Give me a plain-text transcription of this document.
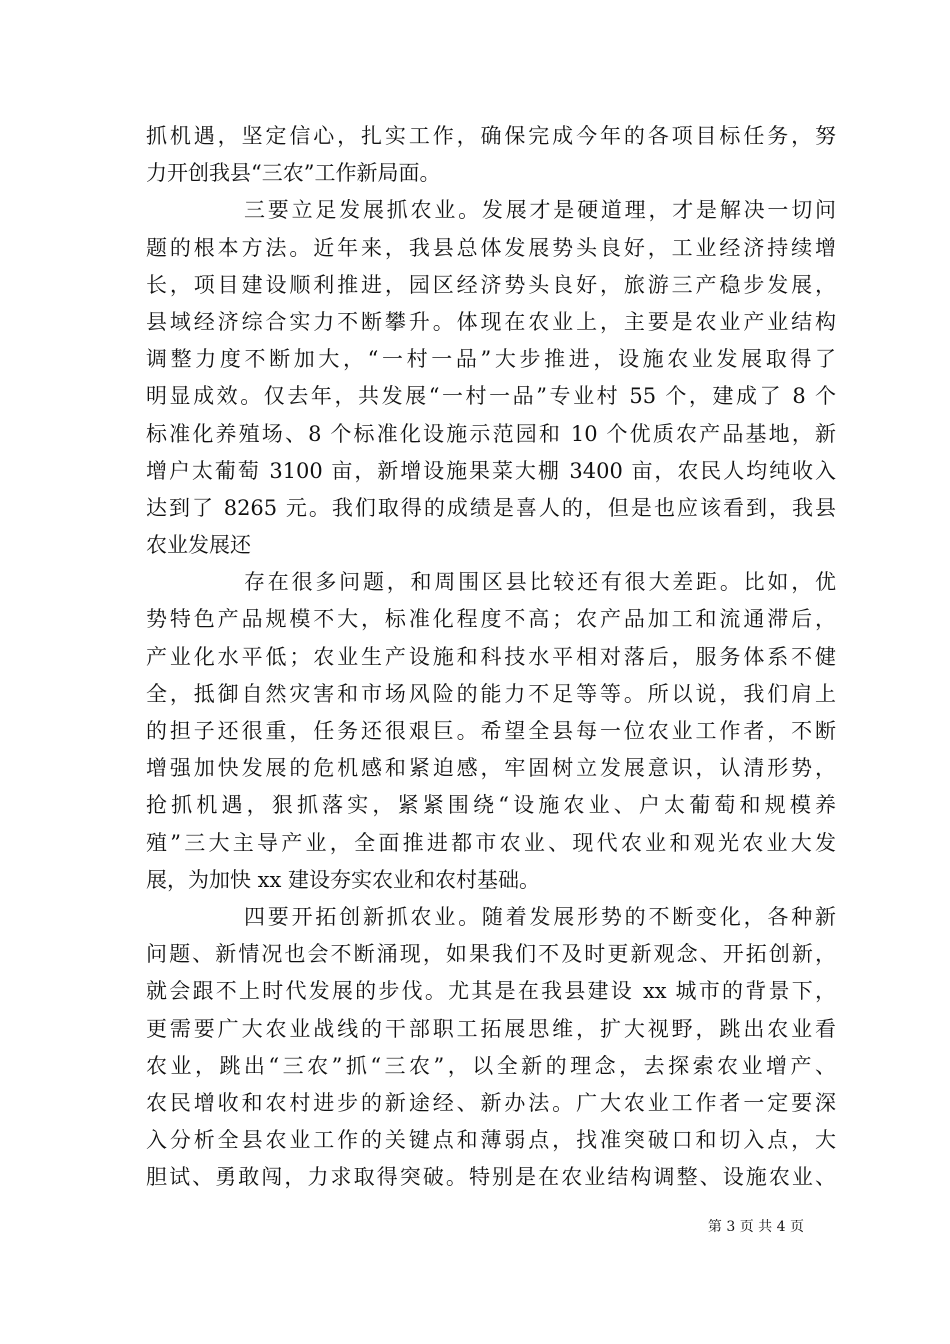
抓机遇，坚定信心，扎实工作，确保完成今年的各项目标任务，努
力开创我县“三农”工作新局面。
三要立足发展抓农业。发展才是硬道理，才是解决一切问
题的根本方法。近年来，我县总体发展势头良好，工业经济持续增
长，项目建设顺利推进，园区经济势头良好，旅游三产稳步发展，
县域经济综合实力不断攀升。体现在农业上，主要是农业产业结构
调整力度不断加大，“一村一品”大步推进，设施农业发展取得了
明显成效。仅去年，共发展“一村一品”专业村 55 个，建成了 8 个
标准化养殖场、8 个标准化设施示范园和 10 个优质农产品基地，新
增户太葡萄 3100 亩，新增设施果菜大棚 3400 亩，农民人均纯收入
达到了 8265 元。我们取得的成绩是喜人的，但是也应该看到，我县
农业发展还
存在很多问题，和周围区县比较还有很大差距。比如，优
势特色产品规模不大，标准化程度不高；农产品加工和流通滞后，
产业化水平低；农业生产设施和科技水平相对落后，服务体系不健
全，抵御自然灾害和市场风险的能力不足等等。所以说，我们肩上
的担子还很重，任务还很艰巨。希望全县每一位农业工作者，不断
增强加快发展的危机感和紧迫感，牢固树立发展意识，认清形势，
抢抓机遇，狠抓落实，紧紧围绕“设施农业、户太葡萄和规模养
殖”三大主导产业，全面推进都市农业、现代农业和观光农业大发
展，为加快 xx 建设夯实农业和农村基础。
四要开拓创新抓农业。随着发展形势的不断变化，各种新
问题、新情况也会不断涌现，如果我们不及时更新观念、开拓创新，
就会跟不上时代发展的步伐。尤其是在我县建设 xx 城市的背景下，
更需要广大农业战线的干部职工拓展思维，扩大视野，跳出农业看
农业，跳出“三农”抓“三农”，以全新的理念，去探索农业增产、
农民增收和农村进步的新途经、新办法。广大农业工作者一定要深
入分析全县农业工作的关键点和薄弱点，找准突破口和切入点，大
胆试、勇敢闯，力求取得突破。特别是在农业结构调整、设施农业、
第 3 页 共 4 页
